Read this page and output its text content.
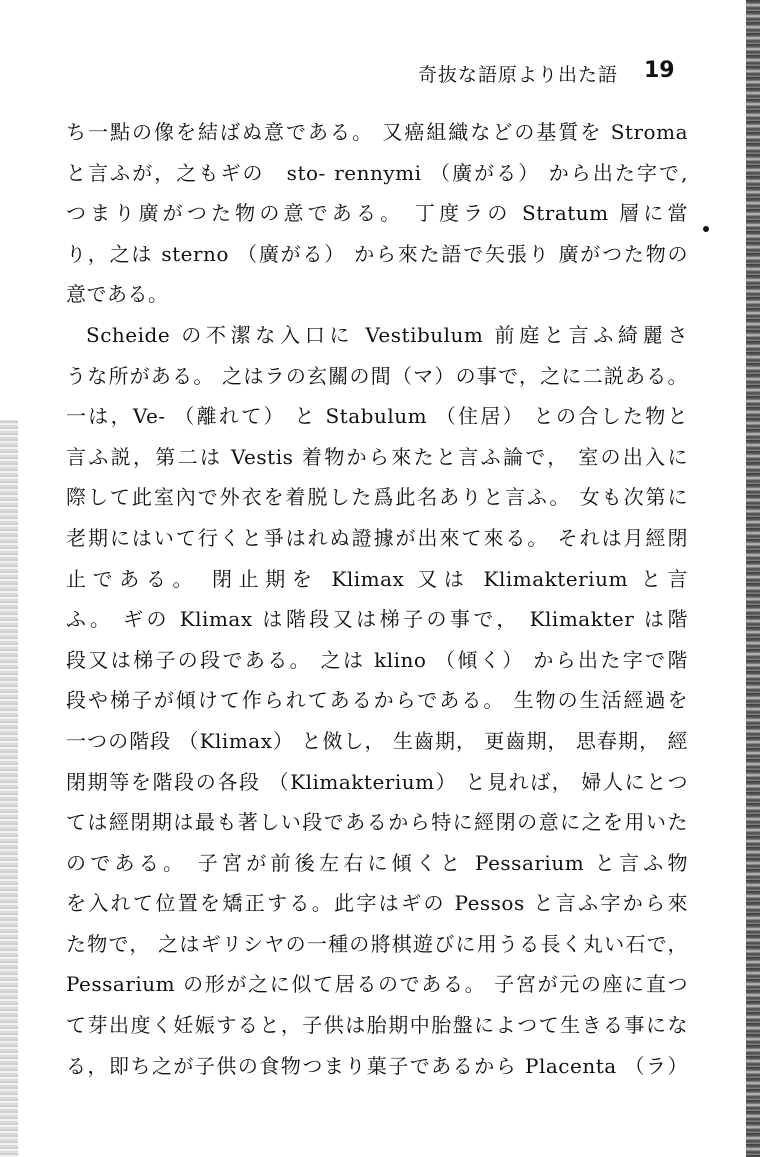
奇抜な語原より出た語 19
ち一點の像を結ばぬ意である。 又癌組織などの基質を Stroma
と言ふが，之もギの　sto- rennymi （廣がる） から出た字で,
つまり廣がつた物の意である。 丁度ラの Stratum 層に當
り，之は sterno （廣がる） から來た語で矢張り 廣がつた物の
意である。
Scheide の不潔な入口に Vestibulum 前庭と言ふ綺麗さ
うな所がある。 之はラの玄關の間（マ）の事で，之に二説ある。
一は，Ve- （離れて） と Stabulum （住居） との合した物と
言ふ説，第二は Vestis 着物から來たと言ふ論で， 室の出入に
際して此室內で外衣を着脱した爲此名ありと言ふ。 女も次第に
老期にはいて行くと爭はれぬ證據が出來て來る。 それは月經閉
止である。 閉止期を Klimax 又は Klimakterium と言
ふ。 ギの Klimax は階段又は梯子の事で， Klimakter は階
段又は梯子の段である。 之は klino （傾く） から出た字で階
段や梯子が傾けて作られてあるからである。 生物の生活經過を
一つの階段 （Klimax） と傚し， 生齒期， 更齒期， 思春期， 經
閉期等を階段の各段 （Klimakterium） と見れば， 婦人にとつ
ては經閉期は最も著しい段であるから特に經閉の意に之を用いた
のである。 子宮が前後左右に傾くと Pessarium と言ふ物
を入れて位置を矯正する。此字はギの Pessos と言ふ字から來
た物で， 之はギリシヤの一種の將棋遊びに用うる長く丸い石で，
Pessarium の形が之に似て居るのである。 子宮が元の座に直つ
て芽出度く妊娠すると，子供は胎期中胎盤によつて生きる事にな
る，即ち之が子供の食物つまり菓子であるから Placenta （ラ）
